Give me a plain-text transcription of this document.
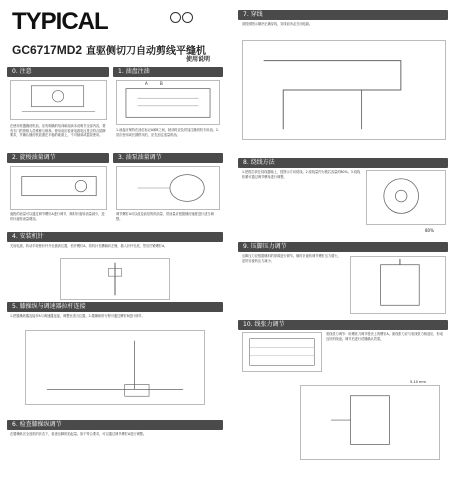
TYPICAL
GC6717MD2 直驱侧切刀自动剪线平缝机
使用说明
0. 注意
在使用机器缝纫机前，应有明确的培训和阅读本说明书全部内容，要有专门的资格人员维修与保养。使用前应检查电源电压是否符合铭牌要求，并确认缝纫机放置在平稳的地面上，不可倾斜或摇晃使用。
1. 油盘注油
A	B
1.油盘应保持在油位标记A和B之间，缺油时应及时加注缝纫机专用油。2.初次使用或长期停用后，应先加注适量的油。
2. 旋梭油量调节
旋梭的油量可以通过调节螺钉A进行调节，顺时针旋转油量减少，逆时针旋转油量增加。
3. 油泵油量调节
调节螺钉A可以改变油泵的供油量，供油量应根据缝纫速度进行适当调整。
4. 安装机针
关闭电源，转动手轮使针杆升至最高位置，松开螺钉A。将机针长槽朝向左侧，插入针杆孔底，然后拧紧螺钉A。
5. 膝操纵与调速器拉杆连接
1.把膝操纵器连接杆A与调速器连接，调整至适当位置。2.膝操纵的行程可通过螺钉B进行调节。
6. 检查膝操纵调节
在膝操纵完全放松的状态下，检查压脚的抬起量。如不符合要求，可以通过调节螺钉A进行调整。
7. 穿线
请按照图示顺序正确穿线，穿线前务必关闭电源。
8. 绕线方法
1.把梭芯套在绕线器轴上，按图示方向绕线。2.绕线量约为梭芯容量的80%。3.绕线松紧可通过调节螺母进行调整。
80%
9. 压脚压力调节
压脚压力应根据缝料的厚薄进行调节。顺时针旋转调节螺钉压力增大，逆时针旋转压力减小。
10. 线张力调节
底线张力调节：用螺丝刀调节梭壳上的螺钉A。面线张力应与底线张力相适应，形成良好的线迹。调节后进行试缝确认效果。
5-10 mm
